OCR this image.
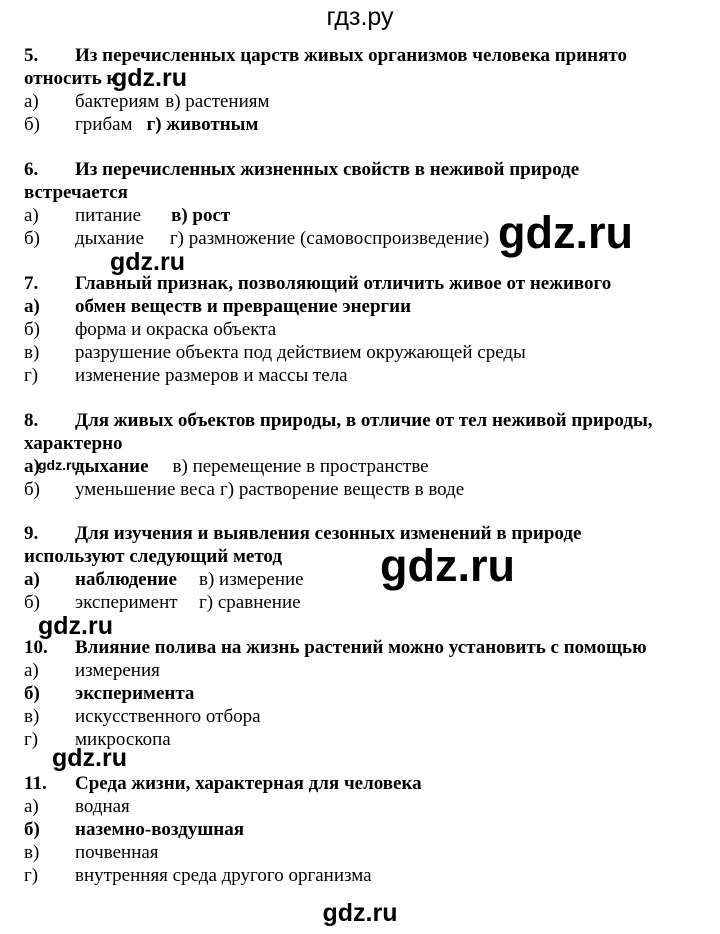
гдз.ру
5.	Из перечисленных царств живых организмов человека принято
относить к
а)	бактериям в) растениям
б)	грибам г) животным
6.	Из перечисленных жизненных свойств в неживой природе
встречается
а)	питание в) рост
б)	дыхание г) размножение (самовоспроизведение)
7.	Главный признак, позволяющий отличить живое от неживого
а)	обмен веществ и превращение энергии
б)	форма и окраска объекта
в)	разрушение объекта под действием окружающей среды
г)	изменение размеров и массы тела
8.	Для живых объектов природы, в отличие от тел неживой природы,
характерно
а)	дыхание в) перемещение в пространстве
б)	уменьшение веса г) растворение веществ в воде
9.	Для изучения и выявления сезонных изменений в природе
используют следующий метод
а)	наблюдение	в) измерение
б)	эксперимент	г) сравнение
10.	Влияние полива на жизнь растений можно установить с помощью
а)	измерения
б)	эксперимента
в)	искусственного отбора
г)	микроскопа
11.	Среда жизни, характерная для человека
а)	водная
б)	наземно-воздушная
в)	почвенная
г)	внутренняя среда другого организма
gdz.ru
gdz.ru
gdz.ru
gdz.ru
gdz.ru
gdz.ru
gdz.ru
gdz.ru
